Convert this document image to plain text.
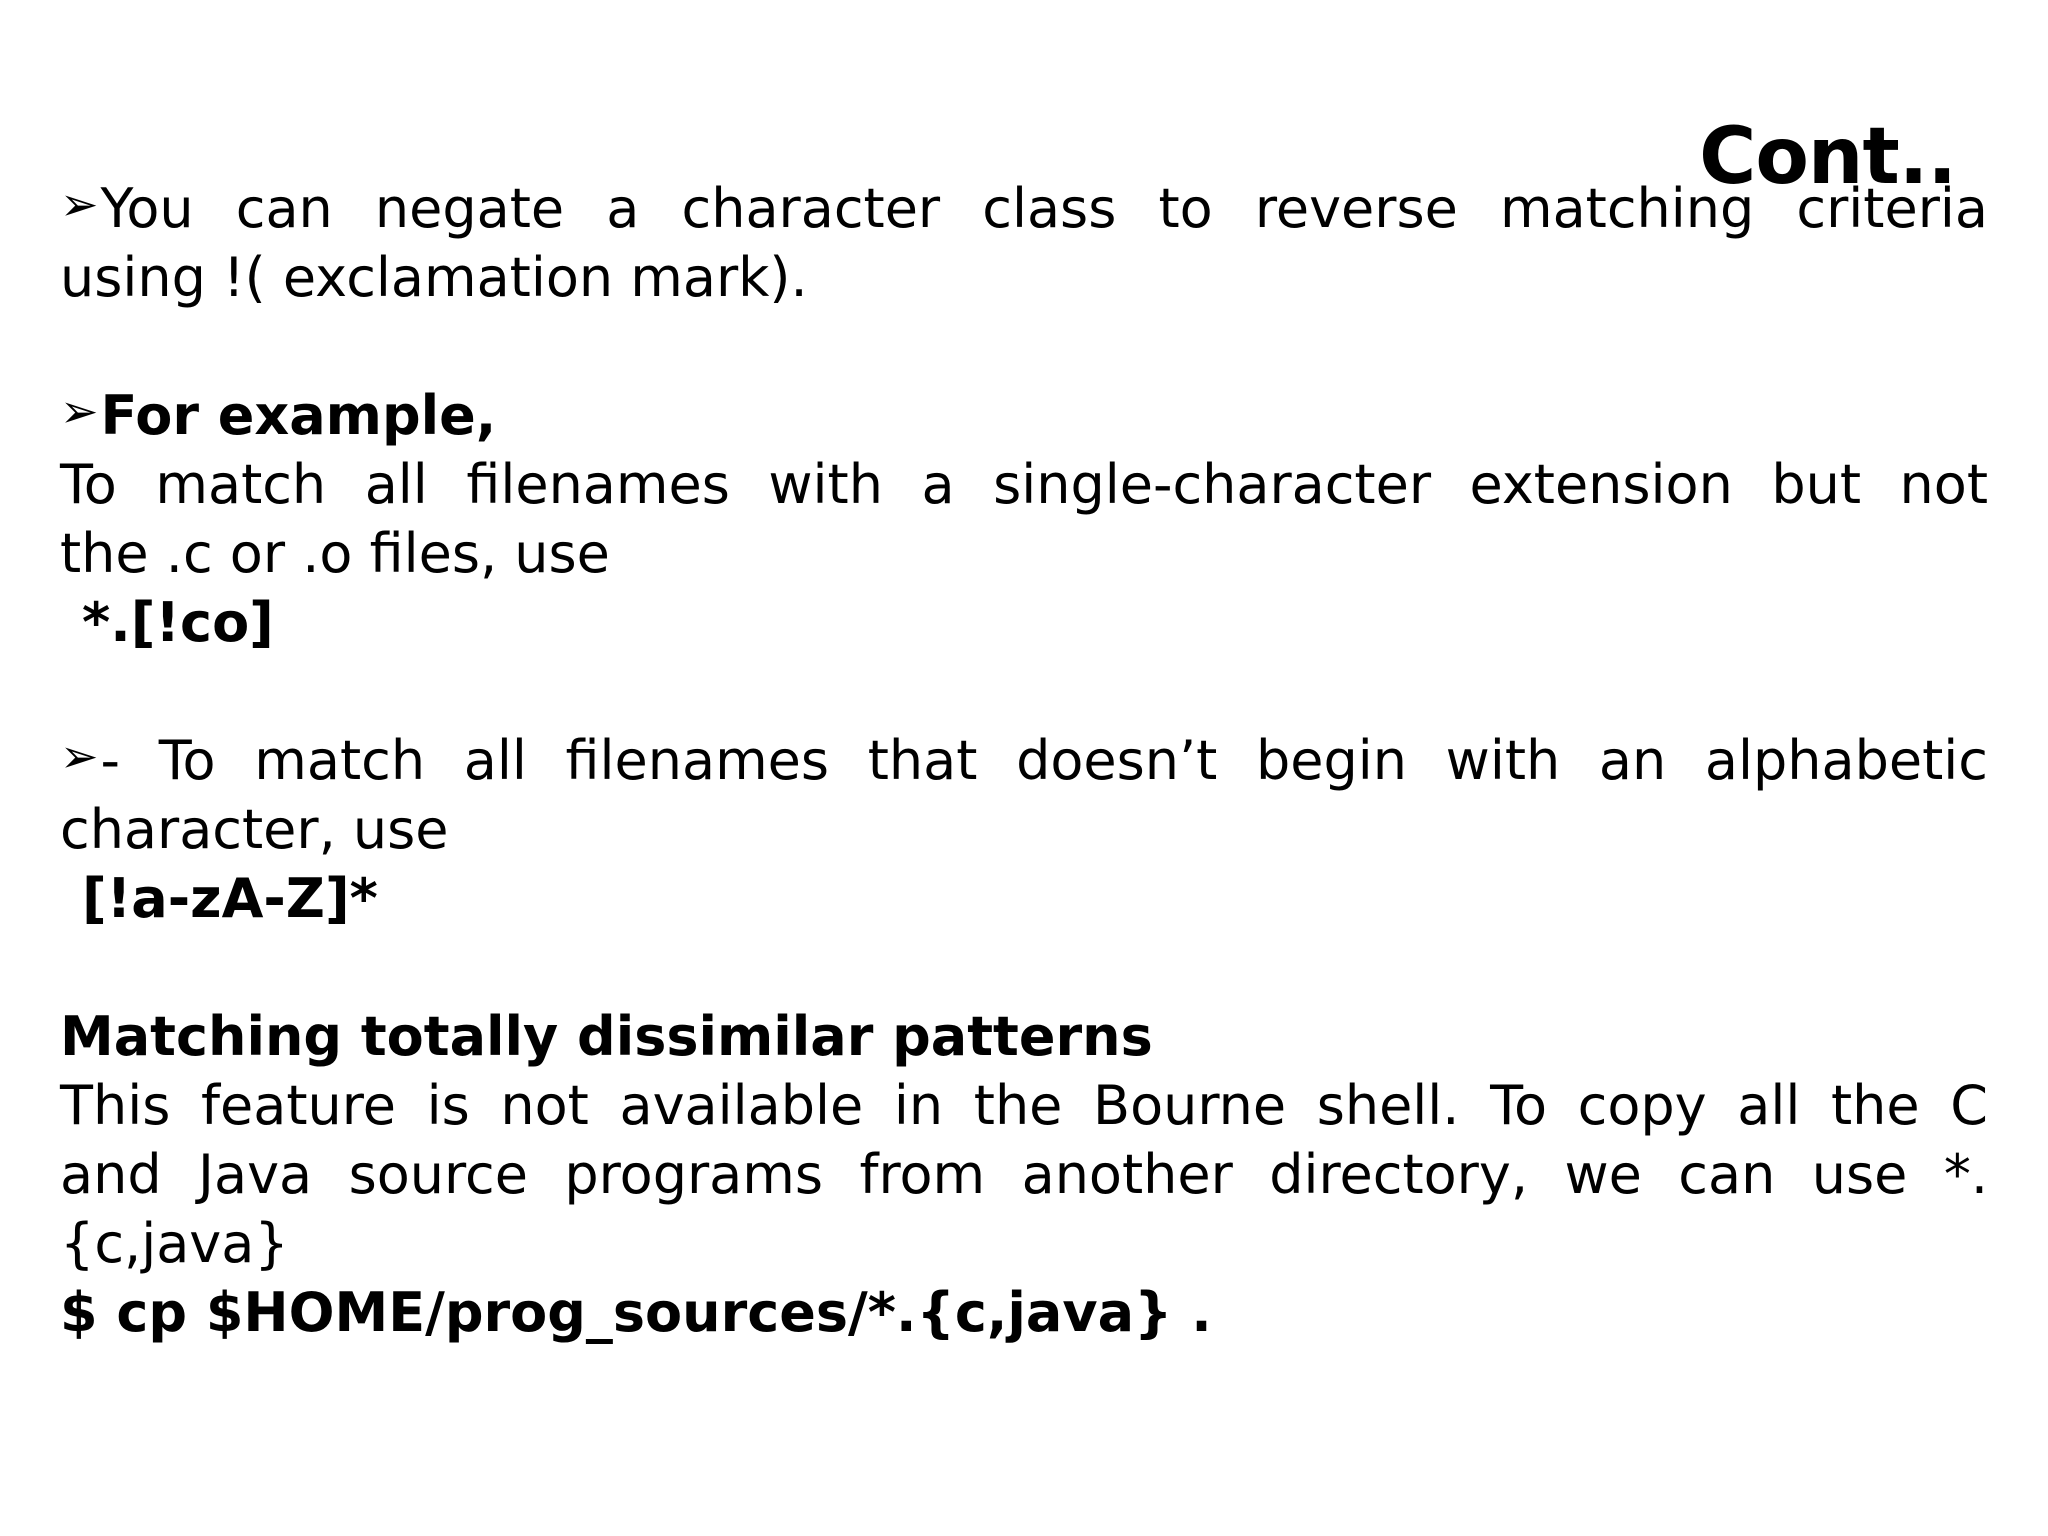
Cont..
➢You can negate a character class to reverse matching criteria
using !( exclamation mark).
➢For example,
To match all filenames with a single-character extension but not
the .c or .o files, use
*.[!co]
➢- To match all filenames that doesn’t begin with an alphabetic
character, use
[!a-zA-Z]*
Matching totally dissimilar patterns
This feature is not available in the Bourne shell. To copy all the C
and Java source programs from another directory, we can use *.
{c,java}
$ cp $HOME/prog_sources/*.{c,java} .
